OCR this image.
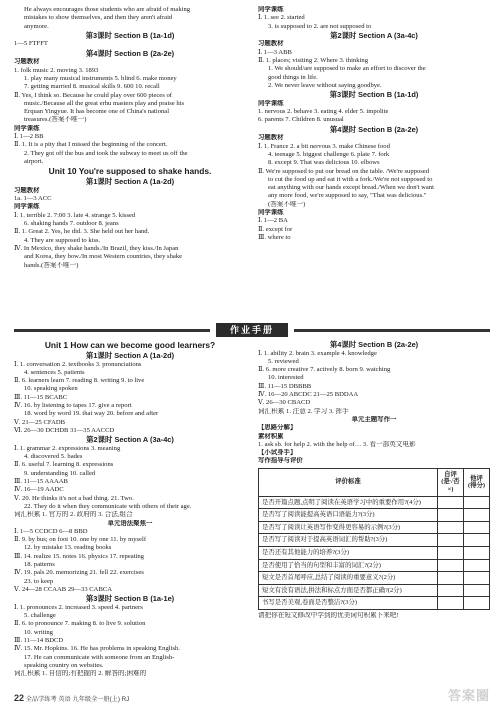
He always encourages those students who are afraid of making
mistakes to show themselves, and then they aren't afraid
anymore.
第3课时 Section B (1a-1d)
1—5 FTFFT
第4课时 Section B (2a-2e)
习题教材
1. folk music 2. moving 3. 1893
1. play many musical instruments 5. blind 6. make money
7. getting married 8. musical skills 9. 600 10. recall
Ⅱ. Yes, I think so. Because he could play over 600 pieces of
music./Because all the great erhu masters play and praise his
Erquan Yingyue. It has become one of China's national
treasures.(答案不唯一)
同学课练
Ⅰ. 1—2 BB
Ⅱ. 1. It is a pity that I missed the beginning of the concert.
2. They got off the bus and took the subway to meet us off the
airport.
Unit 10 You're supposed to shake hands.
第1课时 Section A (1a-2d)
习题教材
1a. 1—3 ACC
同学课练
Ⅰ. 1. terrible 2. 7:00 3. late 4. strange 5. kissed
6. shaking hands 7. outdoor 8. jeans
Ⅱ. 1. Great 2. Yes, he did. 3. She held out her hand.
4. They are supposed to kiss.
Ⅳ. In Mexico, they shake hands./In Brazil, they kiss./In Japan
and Korea, they bow./In most Western countries, they shake
hands.(答案不唯一)
同学课练
Ⅰ. 1. see 2. started
3. is supposed to 2. are not supposed to
第2课时 Section A (3a-4c)
习题教材
Ⅰ. 1—3 ABB
Ⅱ. 1. places; visiting 2. Where 3. thinking
1. We should/are supposed to make an effort to discover the
good things in life.
2. We never leave without saying goodbye.
第3课时 Section B (1a-1d)
同学课练
1. nervous 2. behave 3. eating 4. elder 5. impolite
6. parents 7. Children 8. unusual
第4课时 Section B (2a-2e)
习题教材
Ⅰ. 1. France 2. a bit nervous 3. make Chinese food
4. teenage 5. biggest challenge 6. plate 7. fork
8. except 9. That was delicious 10. elbows
Ⅱ. We're supposed to put our bread on the table. /We're supposed
to cut the food up and eat it with a fork./We're not supposed to
eat anything with our hands except bread./When we don't want
any more food, we're supposed to say, "That was delicious."
(答案不唯一)
同学课练
Ⅰ. 1—2 BA
Ⅱ. except for
Ⅲ. where to
作业手册
Unit 1 How can we become good learners?
第1课时 Section A (1a-2d)
Ⅰ. 1. conversation 2. textbooks 3. pronunciations
4. sentences 5. patients
Ⅱ. 6. learners learn 7. reading 8. writing 9. to live
10. speaking spoken
Ⅲ. 11—15 BCABC
Ⅳ. 16. by listening to tapes 17. give a report
18. word by word 19. that way 20. before and after
Ⅴ. 21—25 CFADB
Ⅵ. 26—30 DCHDB 31—35 AACCD
第2课时 Section A (3a-4c)
Ⅰ. 1. grammar 2. expressions 3. meaning
4. discovered 5. bades
Ⅱ. 6. useful 7. learning 8. expressions
9. understanding 10. called
Ⅲ. 11—15 AAAAB
Ⅳ. 16—19 AADC
Ⅴ. 20. He thinks it's not a bad thing. 21. Two.
22. They do it when they communicate with others of their age.
词汇积累 1. 官方的 2. 政府的 3. 合法,组合
单元语法聚焦一
Ⅰ. 1—5 CCDCD 6—8 BBD
Ⅱ. 9. by bus; on foot 10. one by one 11. by myself
12. by mistake 13. reading books
Ⅲ. 14. realize 15. notes 16. physics 17. repeating
18. patterns
Ⅳ. 19. pals 20. memorizing 21. fell 22. exercises
23. to keep
Ⅴ. 24—28 CCAAB 29—33 CABCA
第3课时 Section B (1a-1e)
Ⅰ. 1. pronounces 2. increased 3. speed 4. partners
5. challenge
Ⅱ. 6. to pronounce 7. making 8. to live 9. solution
10. writing
Ⅲ. 11—14 BDCD
Ⅳ. 15. Mr. Hopkins. 16. He has problems in speaking English.
17. He can communicate with someone from an English-
speaking country on websites.
词汇积累 1. 自信的;有把握的 2. 解答的;困难的
第4课时 Section B (2a-2e)
Ⅰ. 1. ability 2. brain 3. example 4. knowledge
5. reviewed
Ⅱ. 6. more creative 7. actively 8. born 9. watching
10. interested
Ⅲ. 11—15 DBBBB
Ⅳ. 16—20 ABCDC 21—25 BDDAA
Ⅴ. 26—30 CBACD
词汇积累 1. 注意 2. 学习 3. 挥手
单元主题写作一
【思路分解】
素材积累
1. ask sb. for help 2. with the help of… 3. 看一部英文电影
【小试身手】
写作指导与评价
评价标准	自评(是√否×)	他评(得分)
是否开篇点题,点明了阅读在英语学习中的重要作用?(4分)		
是否写了阅读能提高英语口语能力?(3分)		
是否写了阅读让英语写作变得更容易的示例?(3分)		
是否写了阅读对于提高英语词汇的帮助?(3分)		
是否还有其他能力的培养?(3分)		
是否使用了恰当的句型和丰富的词汇?(2分)		
短文是否首尾呼应,总结了阅读的重要意义?(2分)		
短文有没有语法,拼法和标点方面是否都正确?(2分)		
书写是否美观,卷面是否整洁?(3分)		
请把你在短文修改中学到的优美词句积累下来吧!
22 全品学练考 英语 九年级全一册(上) RJ	答案圈
